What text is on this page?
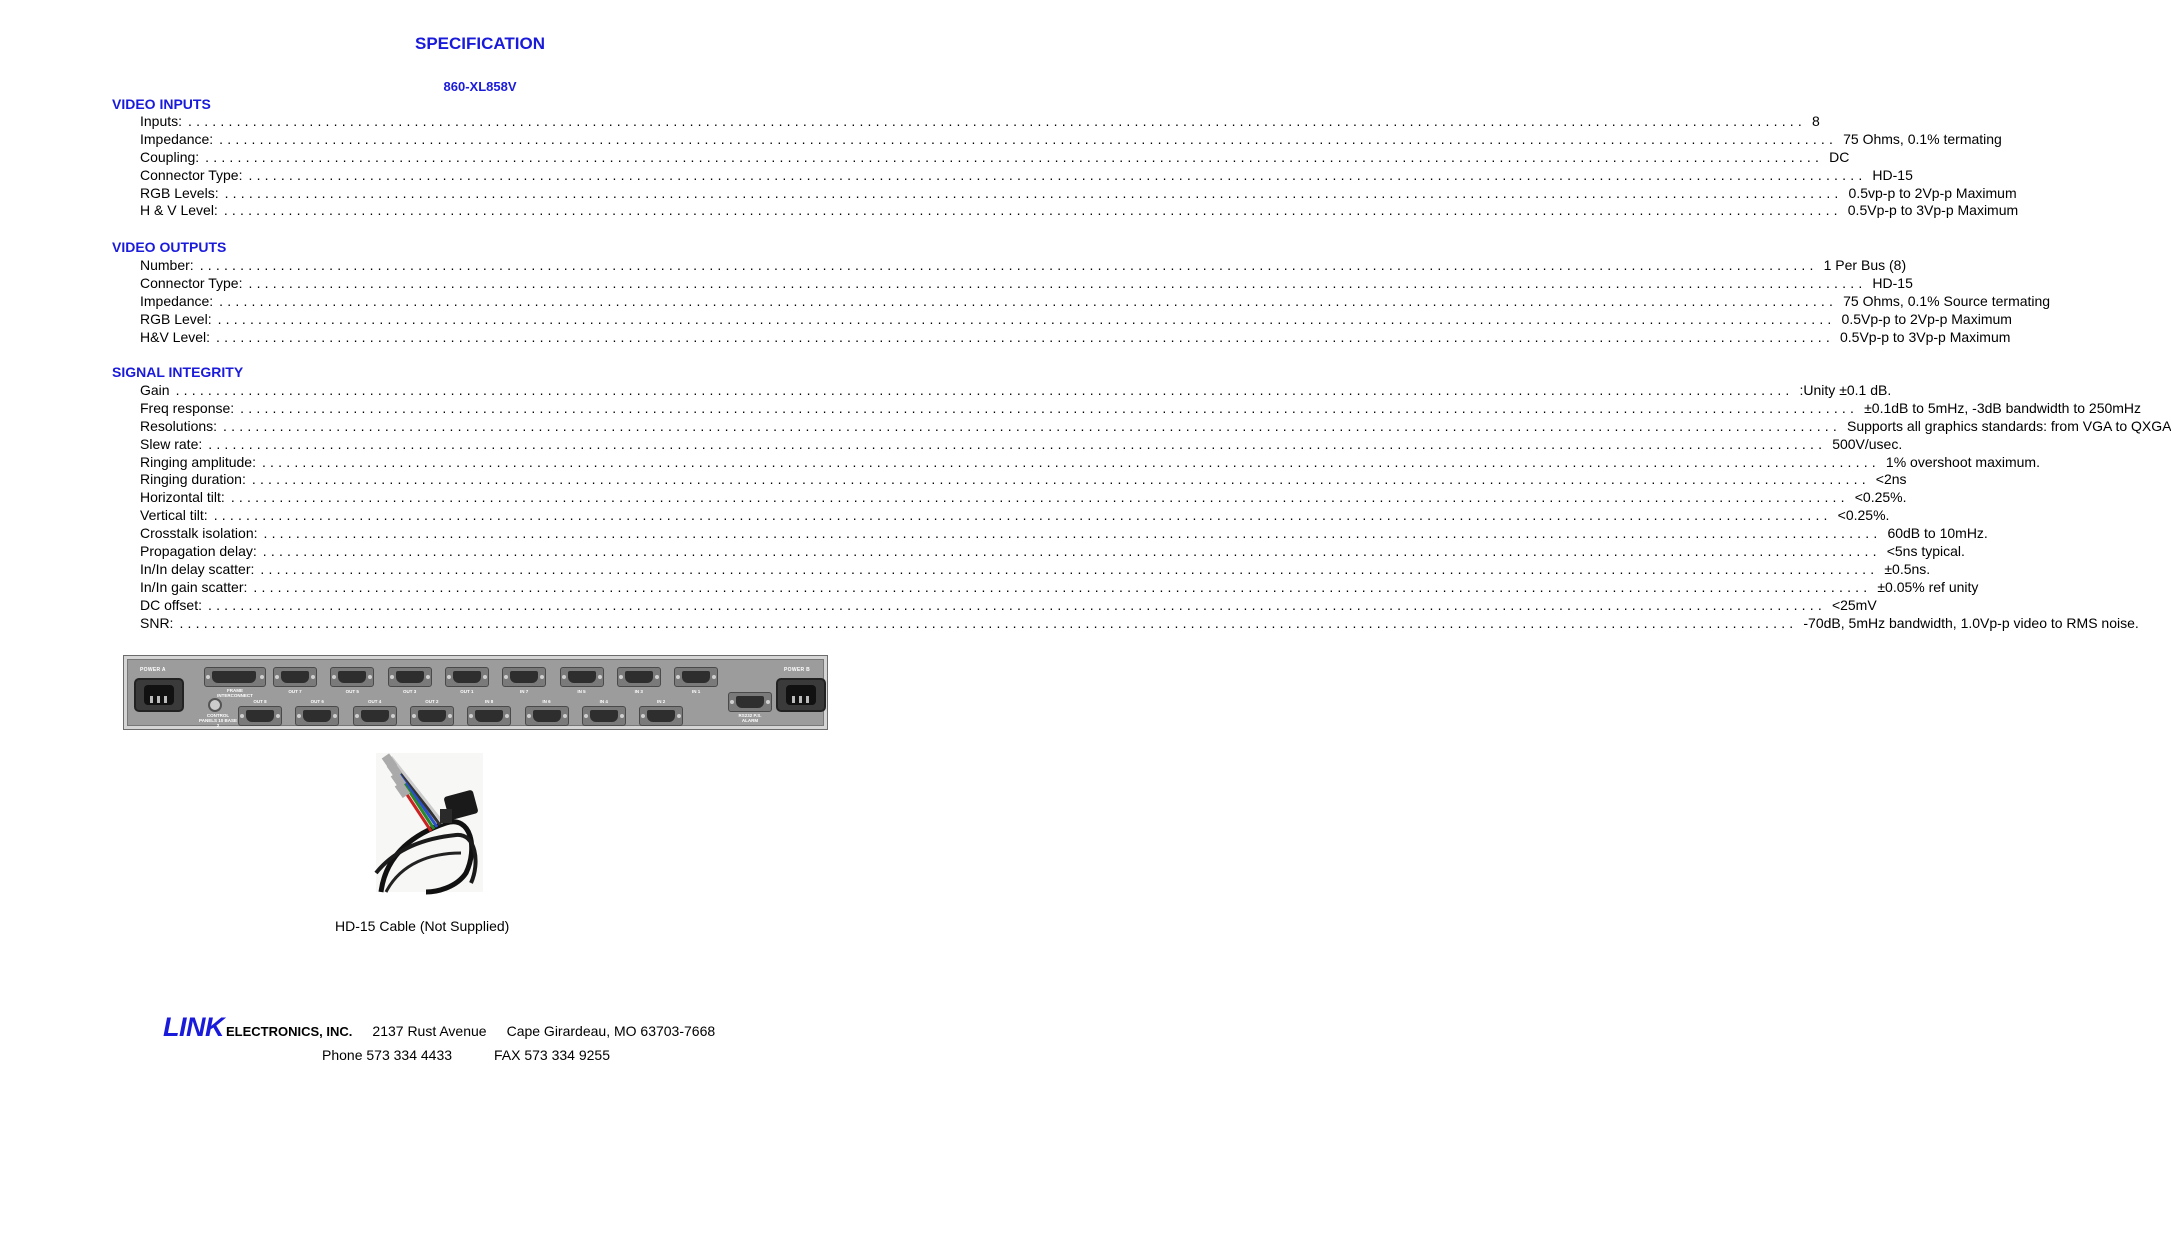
SPECIFICATION
860-XL858V
VIDEO INPUTS
Inputs: ........................................................................................................................................................................................................ 8
Impedance: ........................................................................................................................................................................................................ 75 Ohms, 0.1% termating
Coupling: ........................................................................................................................................................................................................ DC
Connector Type: ........................................................................................................................................................................................................ HD-15
RGB Levels: ........................................................................................................................................................................................................ 0.5vp-p to 2Vp-p Maximum
H & V Level: ........................................................................................................................................................................................................ 0.5Vp-p to 3Vp-p Maximum
VIDEO OUTPUTS
Number: ........................................................................................................................................................................................................ 1 Per Bus (8)
Connector Type: ........................................................................................................................................................................................................ HD-15
Impedance: ........................................................................................................................................................................................................ 75 Ohms, 0.1% Source termating
RGB Level: ........................................................................................................................................................................................................ 0.5Vp-p to 2Vp-p Maximum
H&V Level: ........................................................................................................................................................................................................ 0.5Vp-p to 3Vp-p Maximum
SIGNAL INTEGRITY
Gain ........................................................................................................................................................................................................ :Unity ±0.1 dB.
Freq response: ........................................................................................................................................................................................................ ±0.1dB to 5mHz, -3dB bandwidth to 250mHz
Resolutions: ........................................................................................................................................................................................................ Supports all graphics standards: from VGA to QXGA
Slew rate: ........................................................................................................................................................................................................ 500V/usec.
Ringing amplitude: ........................................................................................................................................................................................................ 1% overshoot maximum.
Ringing duration: ........................................................................................................................................................................................................ <2ns
Horizontal tilt: ........................................................................................................................................................................................................ <0.25%.
Vertical tilt: ........................................................................................................................................................................................................ <0.25%.
Crosstalk isolation: ........................................................................................................................................................................................................ 60dB to 10mHz.
Propagation delay: ........................................................................................................................................................................................................ <5ns typical.
In/In delay scatter: ........................................................................................................................................................................................................ ±0.5ns.
In/In gain scatter: ........................................................................................................................................................................................................ ±0.05% ref unity
DC offset: ........................................................................................................................................................................................................ <25mV
SNR: ........................................................................................................................................................................................................ -70dB, 5mHz bandwidth, 1.0Vp-p video to RMS noise.
POWER A	POWER B
FRAME INTERCONNECT
CONTROL PANELS 10 BASE 2
RS232 P.S. ALARM
OUT 7	OUT 5	OUT 3	OUT 1	IN 7	IN 5	IN 3	IN 1
OUT 8	OUT 6	OUT 4	OUT 2	IN 8	IN 6	IN 4	IN 2
HD-15 Cable (Not Supplied)
LINK ELECTRONICS, INC. 2137 Rust Avenue Cape Girardeau, MO 63703-7668
Phone 573 334 4433	FAX 573 334 9255
